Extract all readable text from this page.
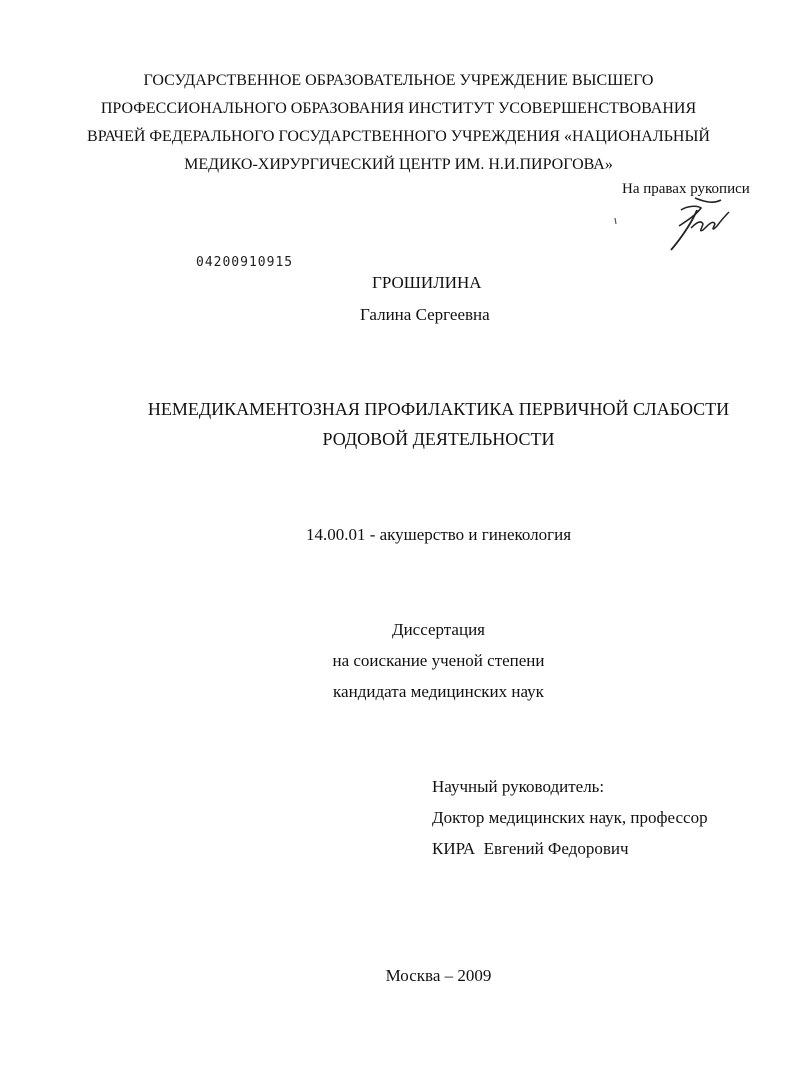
ГОСУДАРСТВЕННОЕ ОБРАЗОВАТЕЛЬНОЕ УЧРЕЖДЕНИЕ ВЫСШЕГО
ПРОФЕССИОНАЛЬНОГО ОБРАЗОВАНИЯ ИНСТИТУТ УСОВЕРШЕНСТВОВАНИЯ
ВРАЧЕЙ ФЕДЕРАЛЬНОГО ГОСУДАРСТВЕННОГО УЧРЕЖДЕНИЯ «НАЦИОНАЛЬНЫЙ
МЕДИКО-ХИРУРГИЧЕСКИЙ ЦЕНТР ИМ. Н.И.ПИРОГОВА»
На правах рукописи
04200910915
ГРОШИЛИНА
Галина Сергеевна
НЕМЕДИКАМЕНТОЗНАЯ ПРОФИЛАКТИКА ПЕРВИЧНОЙ СЛАБОСТИ
РОДОВОЙ ДЕЯТЕЛЬНОСТИ
14.00.01 - акушерство и гинекология
Диссертация
на соискание ученой степени
кандидата медицинских наук
Научный руководитель:
Доктор медицинских наук, профессор
КИРА  Евгений Федорович
Москва – 2009
